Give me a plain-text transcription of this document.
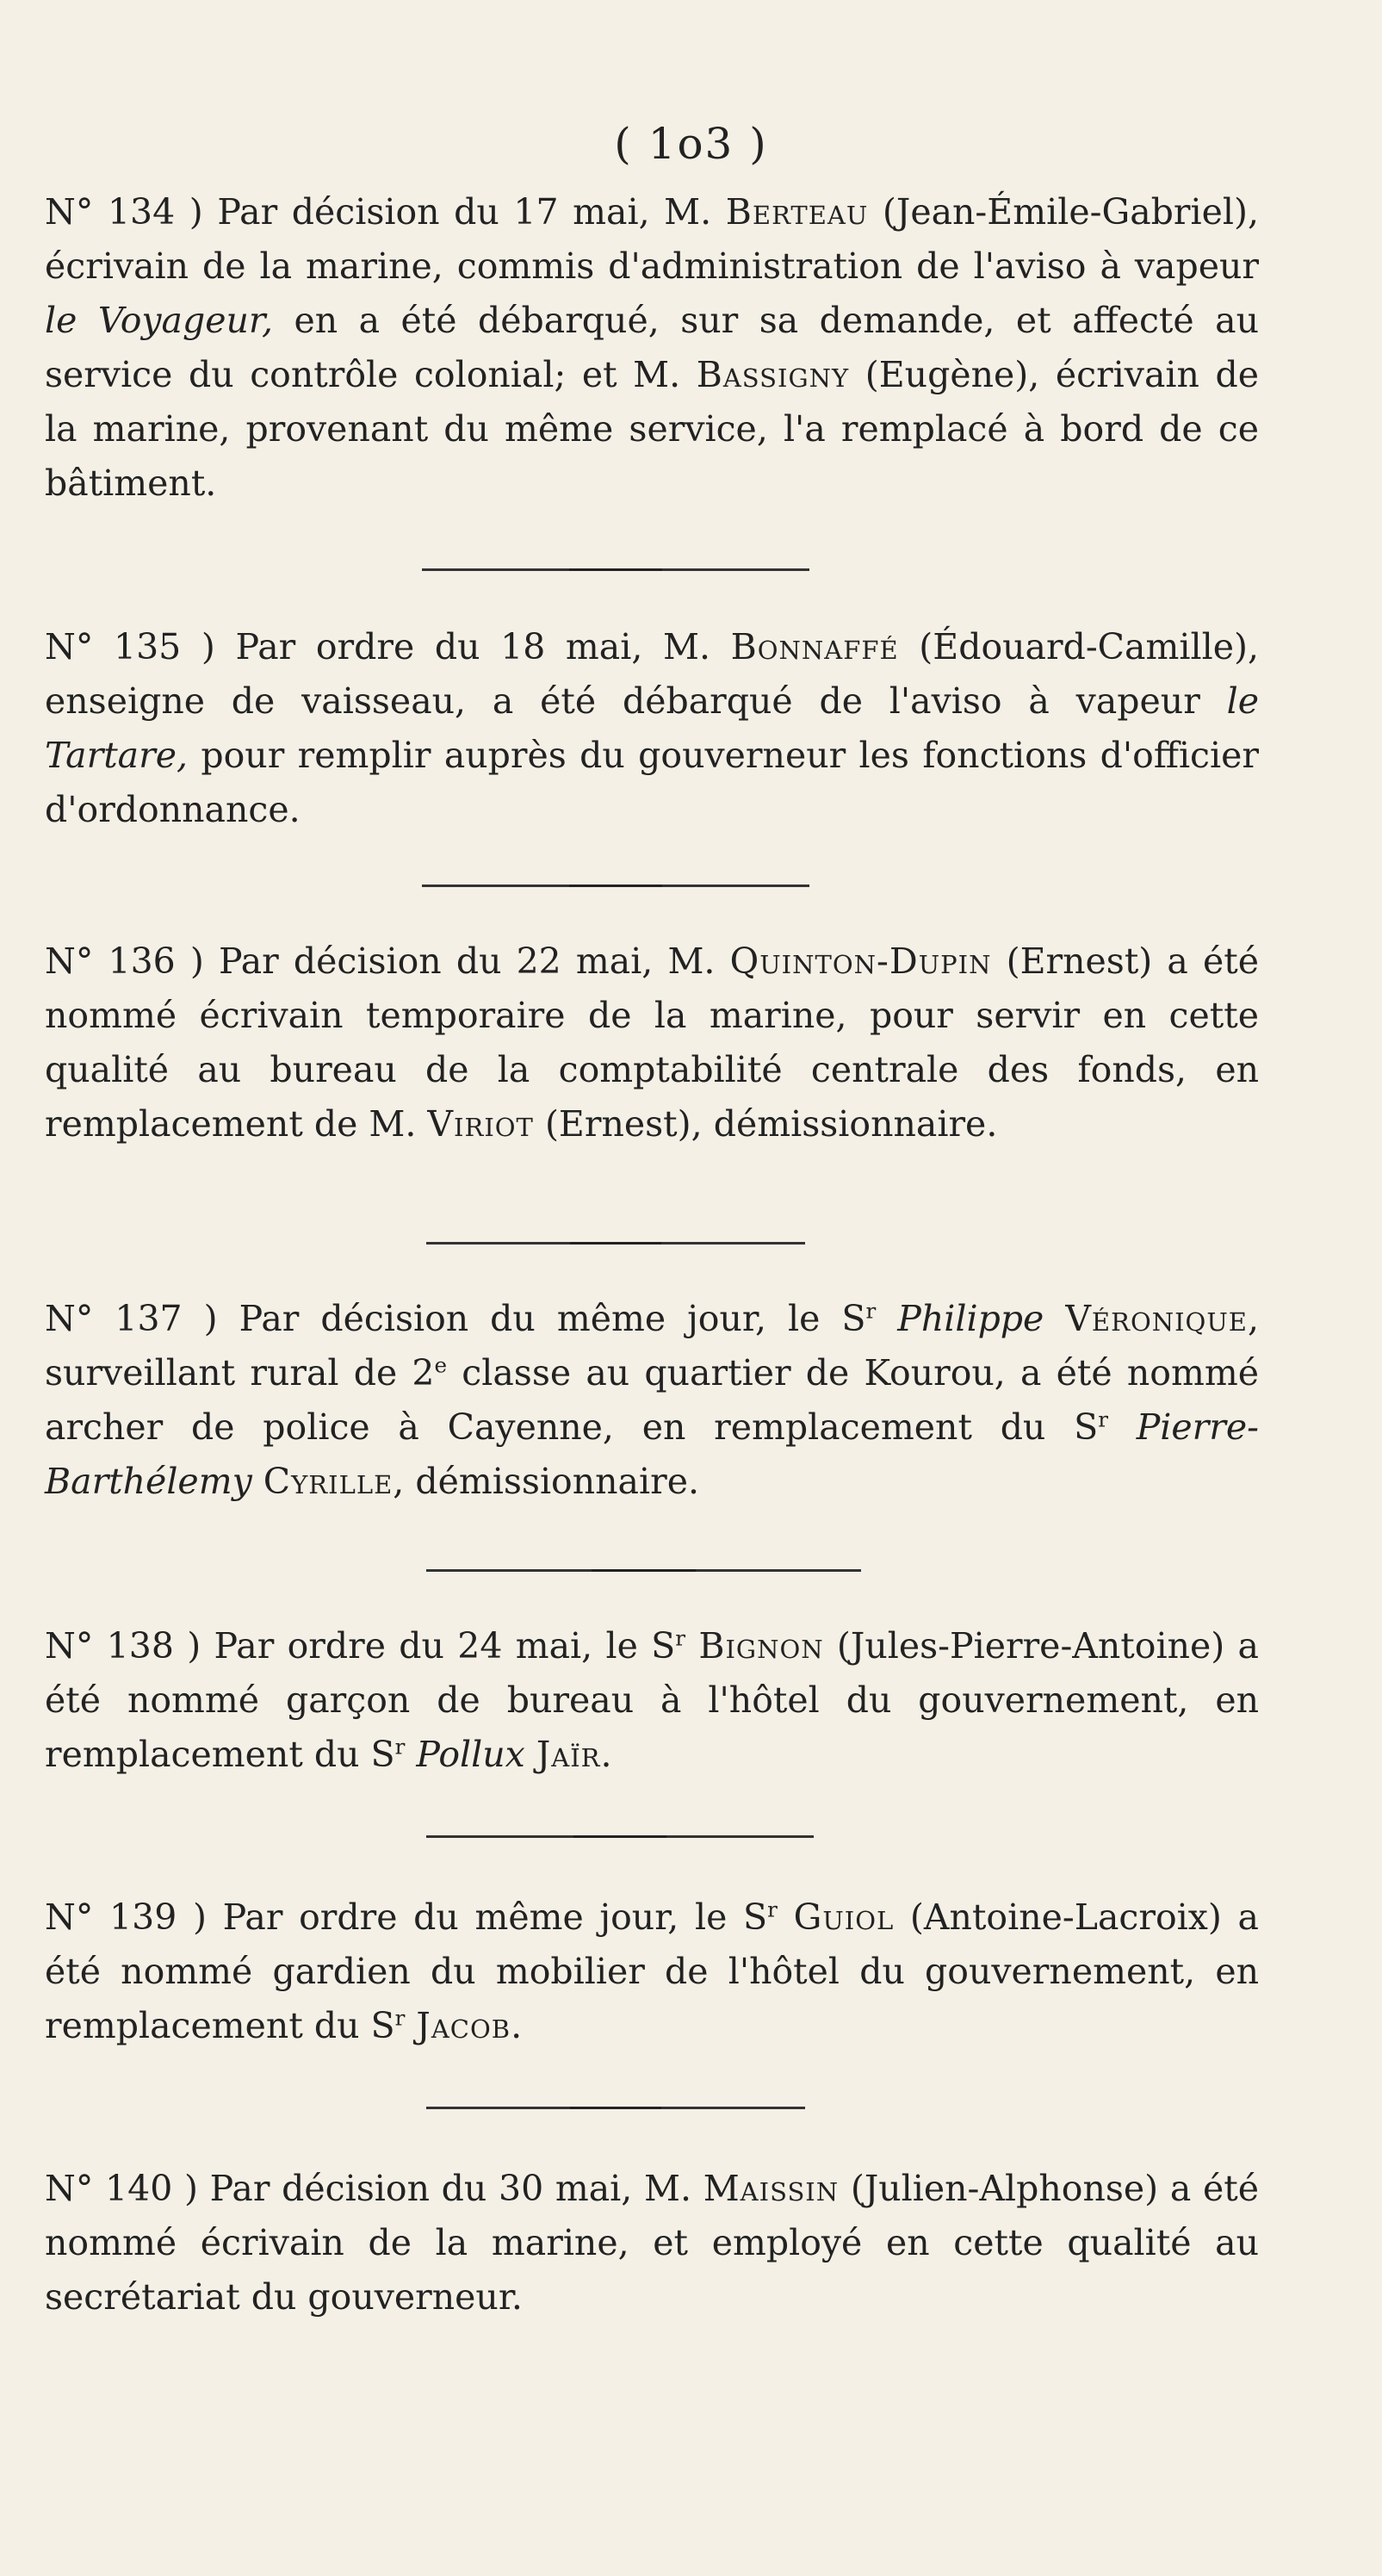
( 1o3 )

N° 134 ) Par décision du 17 mai, M. Berteau (Jean-Émile-Gabriel), écrivain de la marine, commis d'administration de l'aviso à vapeur le Voyageur, en a été débarqué, sur sa demande, et affecté au service du contrôle colonial; et M. Bassigny (Eugène), écrivain de la marine, provenant du même service, l'a remplacé à bord de ce bâtiment.

N° 135 ) Par ordre du 18 mai, M. Bonnaffé (Édouard-Camille), enseigne de vaisseau, a été débarqué de l'aviso à vapeur le Tartare, pour remplir auprès du gouverneur les fonctions d'officier d'ordonnance.

N° 136 ) Par décision du 22 mai, M. Quinton-Dupin (Ernest) a été nommé écrivain temporaire de la marine, pour servir en cette qualité au bureau de la comptabilité centrale des fonds, en remplacement de M. Viriot (Ernest), démissionnaire.

N° 137 ) Par décision du même jour, le $S^r$ Philippe Véronique, surveillant rural de 2e classe au quartier de Kourou, a été nommé archer de police à Cayenne, en remplacement du $S^r$ Pierre-Barthélemy Cyrille, démissionnaire.

N° 138 ) Par ordre du 24 mai, le $S^r$ Bignon (Jules-Pierre-Antoine) a été nommé garçon de bureau à l'hôtel du gouvernement, en remplacement du $S^r$ Pollux Jaïr.

N° 139 ) Par ordre du même jour, le $S^r$ Guiol (Antoine-Lacroix) a été nommé gardien du mobilier de l'hôtel du gouvernement, en remplacement du $S^r$ Jacob.

N° 140 ) Par décision du 30 mai, M. Maissin (Julien-Alphonse) a été nommé écrivain de la marine, et employé en cette qualité au secrétariat du gouverneur.
